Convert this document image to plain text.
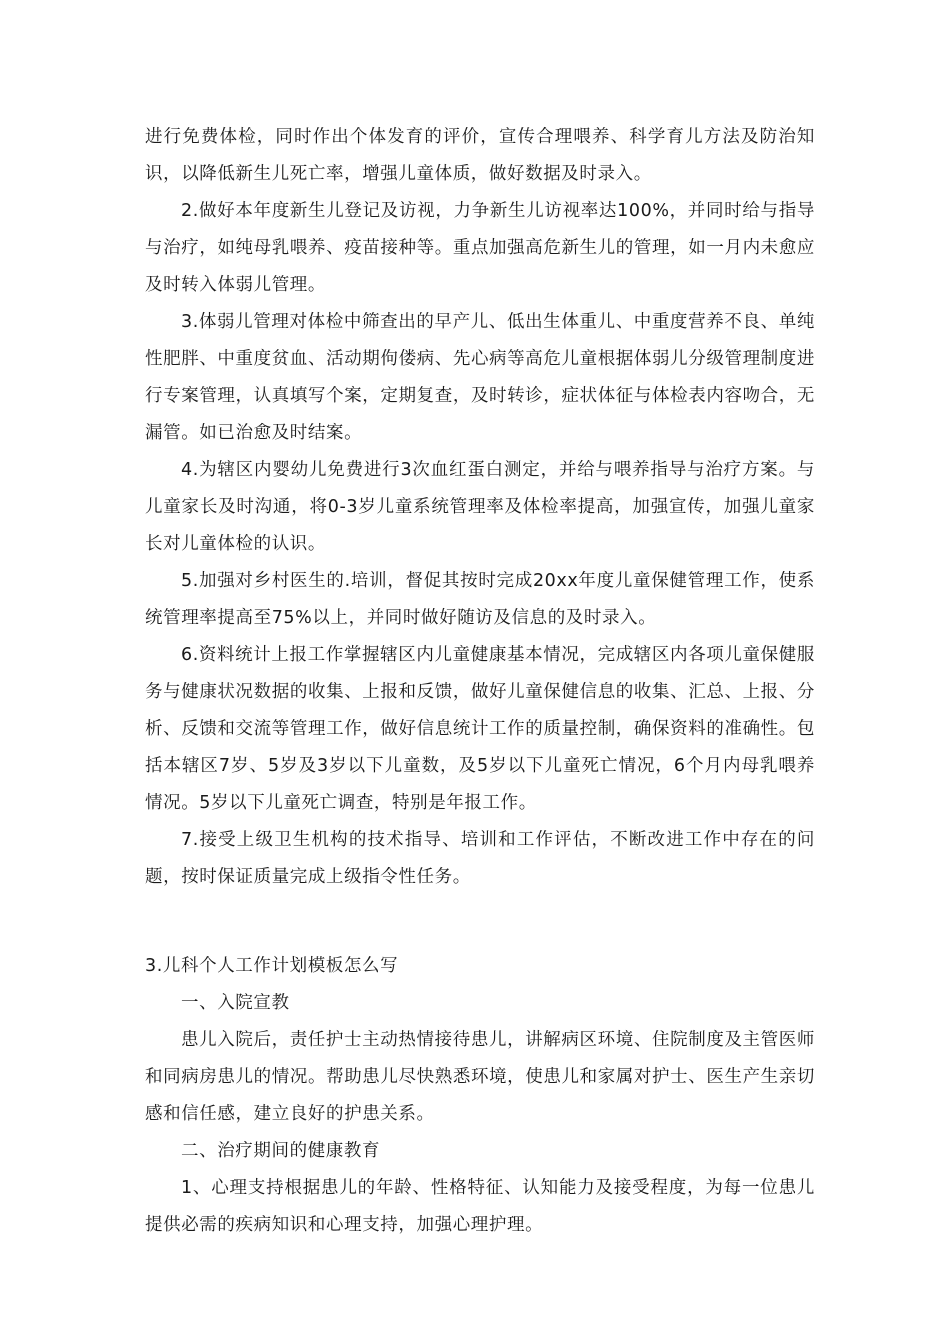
进行免费体检，同时作出个体发育的评价，宣传合理喂养、科学育儿方法及防治知识，以降低新生儿死亡率，增强儿童体质，做好数据及时录入。

2.做好本年度新生儿登记及访视，力争新生儿访视率达100%，并同时给与指导与治疗，如纯母乳喂养、疫苗接种等。重点加强高危新生儿的管理，如一月内未愈应及时转入体弱儿管理。

3.体弱儿管理对体检中筛查出的早产儿、低出生体重儿、中重度营养不良、单纯性肥胖、中重度贫血、活动期佝偻病、先心病等高危儿童根据体弱儿分级管理制度进行专案管理，认真填写个案，定期复查，及时转诊，症状体征与体检表内容吻合，无漏管。如已治愈及时结案。

4.为辖区内婴幼儿免费进行3次血红蛋白测定，并给与喂养指导与治疗方案。与儿童家长及时沟通，将0-3岁儿童系统管理率及体检率提高，加强宣传，加强儿童家长对儿童体检的认识。

5.加强对乡村医生的.培训，督促其按时完成20xx年度儿童保健管理工作，使系统管理率提高至75%以上，并同时做好随访及信息的及时录入。

6.资料统计上报工作掌握辖区内儿童健康基本情况，完成辖区内各项儿童保健服务与健康状况数据的收集、上报和反馈，做好儿童保健信息的收集、汇总、上报、分析、反馈和交流等管理工作，做好信息统计工作的质量控制，确保资料的准确性。包括本辖区7岁、5岁及3岁以下儿童数，及5岁以下儿童死亡情况，6个月内母乳喂养情况。5岁以下儿童死亡调查，特别是年报工作。

7.接受上级卫生机构的技术指导、培训和工作评估，不断改进工作中存在的问题，按时保证质量完成上级指令性任务。

3.儿科个人工作计划模板怎么写

一、入院宣教

患儿入院后，责任护士主动热情接待患儿，讲解病区环境、住院制度及主管医师和同病房患儿的情况。帮助患儿尽快熟悉环境，使患儿和家属对护士、医生产生亲切感和信任感，建立良好的护患关系。

二、治疗期间的健康教育

1、心理支持根据患儿的年龄、性格特征、认知能力及接受程度，为每一位患儿提供必需的疾病知识和心理支持，加强心理护理。
